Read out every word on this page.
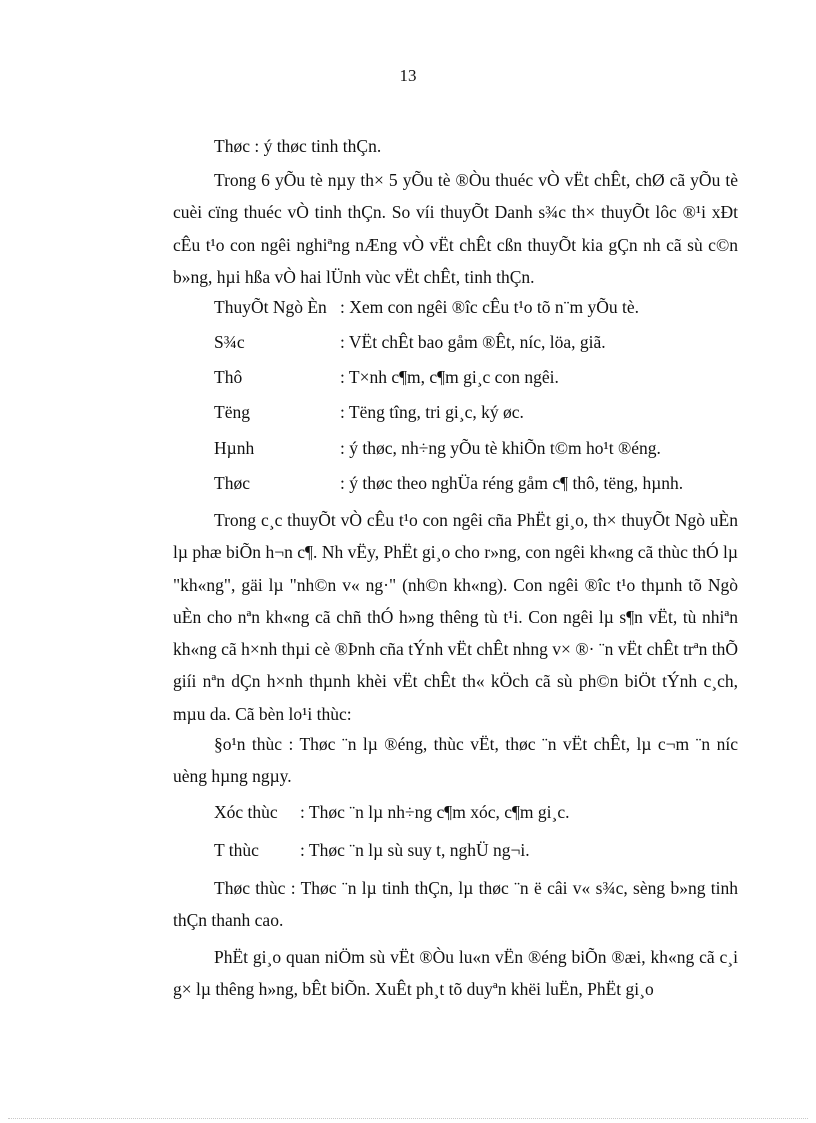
13

Thøc : ý thøc tinh thÇn.

Trong 6 yÕu tè nµy th× 5 yÕu tè ®Òu thuéc vÒ vËt chÊt, chØ cã yÕu tè cuèi cïng thuéc vÒ tinh thÇn. So víi thuyÕt Danh s¾c th× thuyÕt lôc ®¹i xÐt cÊu t¹o con ngêi nghiªng nÆng vÒ vËt chÊt cßn thuyÕt kia gÇn nh cã sù c©n b»ng, hµi hßa vÒ hai lÜnh vùc vËt chÊt, tinh thÇn.

ThuyÕt Ngò Èn : Xem con ngêi ®îc cÊu t¹o tõ n¨m yÕu tè.
S¾c	: VËt chÊt bao gåm ®Êt, níc, löa, giã.
Thô	: T×nh c¶m, c¶m gi¸c con ngêi.
Tëng	: Tëng tîng, tri gi¸c, ký øc.
Hµnh	: ý thøc, nh÷ng yÕu tè khiÕn t©m ho¹t ®éng.
Thøc	: ý thøc theo nghÜa réng gåm c¶ thô, tëng, hµnh.

Trong c¸c thuyÕt vÒ cÊu t¹o con ngêi cña PhËt gi¸o, th× thuyÕt Ngò uÈn lµ phæ biÕn h¬n c¶. Nh vËy, PhËt gi¸o cho r»ng, con ngêi kh«ng cã thùc thÓ lµ "kh«ng", gäi lµ "nh©n v« ng·" (nh©n kh«ng). Con ngêi ®îc t¹o thµnh tõ Ngò uÈn cho nªn kh«ng cã chñ thÓ h»ng thêng tù t¹i. Con ngêi lµ s¶n vËt, tù nhiªn kh«ng cã h×nh thµi cè ®Þnh cña tÝnh vËt chÊt nhng v× ®· ¨n vËt chÊt trªn thÕ giíi nªn dÇn h×nh thµnh khèi vËt chÊt th« kÖch cã sù ph©n biÖt tÝnh c¸ch, mµu da. Cã bèn lo¹i thùc:

§o¹n thùc : Thøc ¨n lµ ®éng, thùc vËt, thøc ¨n vËt chÊt, lµ c¬m ¨n níc uèng hµng ngµy.

Xóc thùc : Thøc ¨n lµ nh÷ng c¶m xóc, c¶m gi¸c.
T thùc : Thøc ¨n lµ sù suy t, nghÜ ng¬i.

Thøc thùc : Thøc ¨n lµ tinh thÇn, lµ thøc ¨n ë câi v« s¾c, sèng b»ng tinh thÇn thanh cao.

PhËt gi¸o quan niÖm sù vËt ®Òu lu«n vËn ®éng biÕn ®æi, kh«ng cã c¸i g× lµ thêng h»ng, bÊt biÕn. XuÊt ph¸t tõ duyªn khëi luËn, PhËt gi¸o
